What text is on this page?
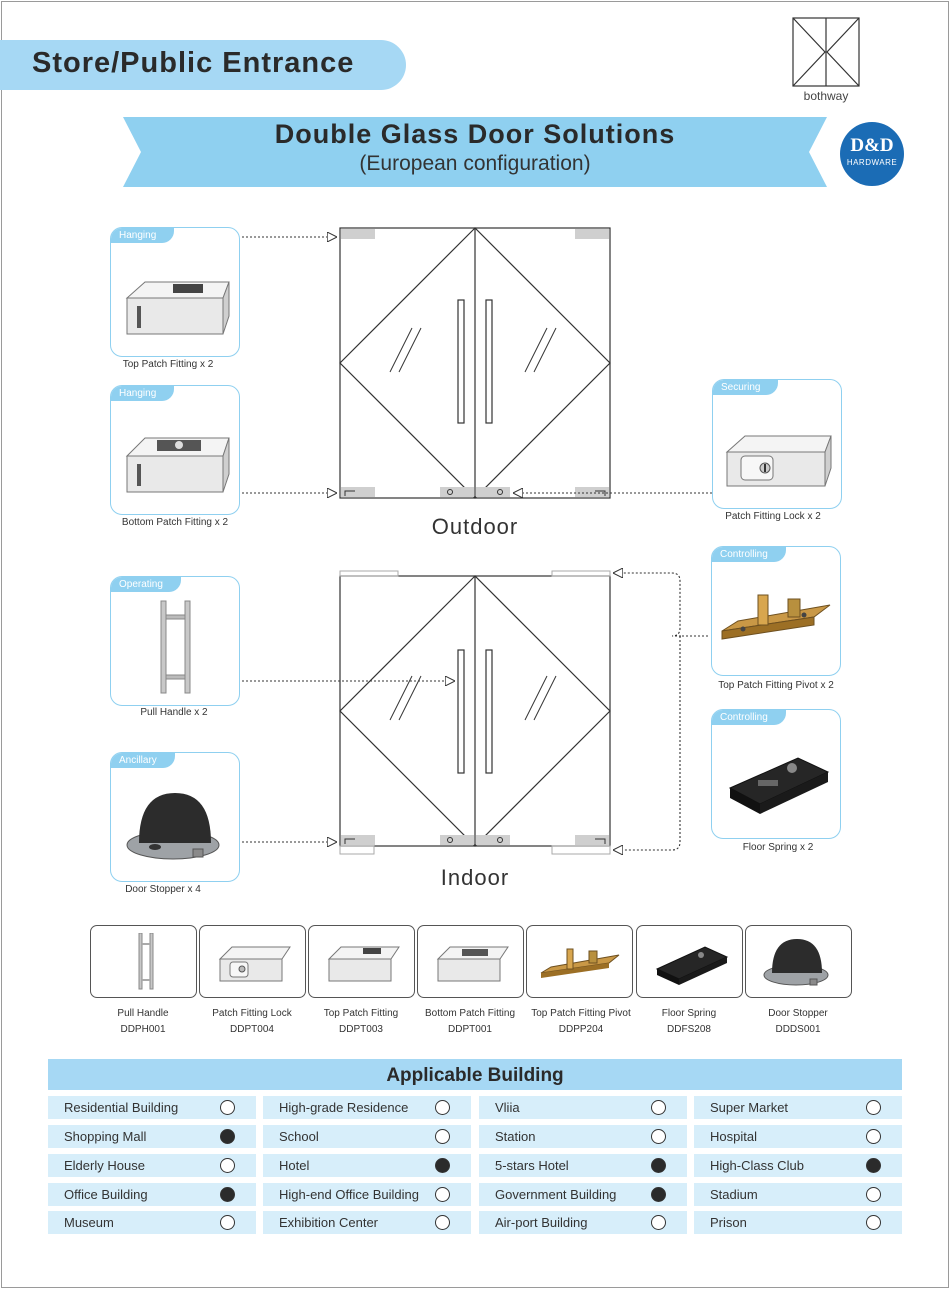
Store/Public Entrance
bothway
Double Glass Door Solutions
(European configuration)
D&D
HARDWARE
Outdoor
Indoor
Hanging
Top Patch Fitting x 2
Hanging
Bottom Patch Fitting x 2
Securing
Patch Fitting Lock x 2
Operating
Pull Handle x 2
Controlling
Top Patch Fitting Pivot x 2
Controlling
Floor Spring x 2
Ancillary
Door Stopper x 4
Pull Handle
DDPH001
Patch Fitting Lock
DDPT004
Top Patch Fitting
DDPT003
Bottom Patch Fitting
DDPT001
Top Patch Fitting Pivot
DDPP204
Floor Spring
DDFS208
Door Stopper
DDDS001
Applicable Building
Residential Building	High-grade Residence	Vliia	Super Market
Shopping Mall	School	Station	Hospital
Elderly House	Hotel	5-stars Hotel	High-Class Club
Office Building	High-end Office Building	Government Building	Stadium
Museum	Exhibition Center	Air-port Building	Prison
